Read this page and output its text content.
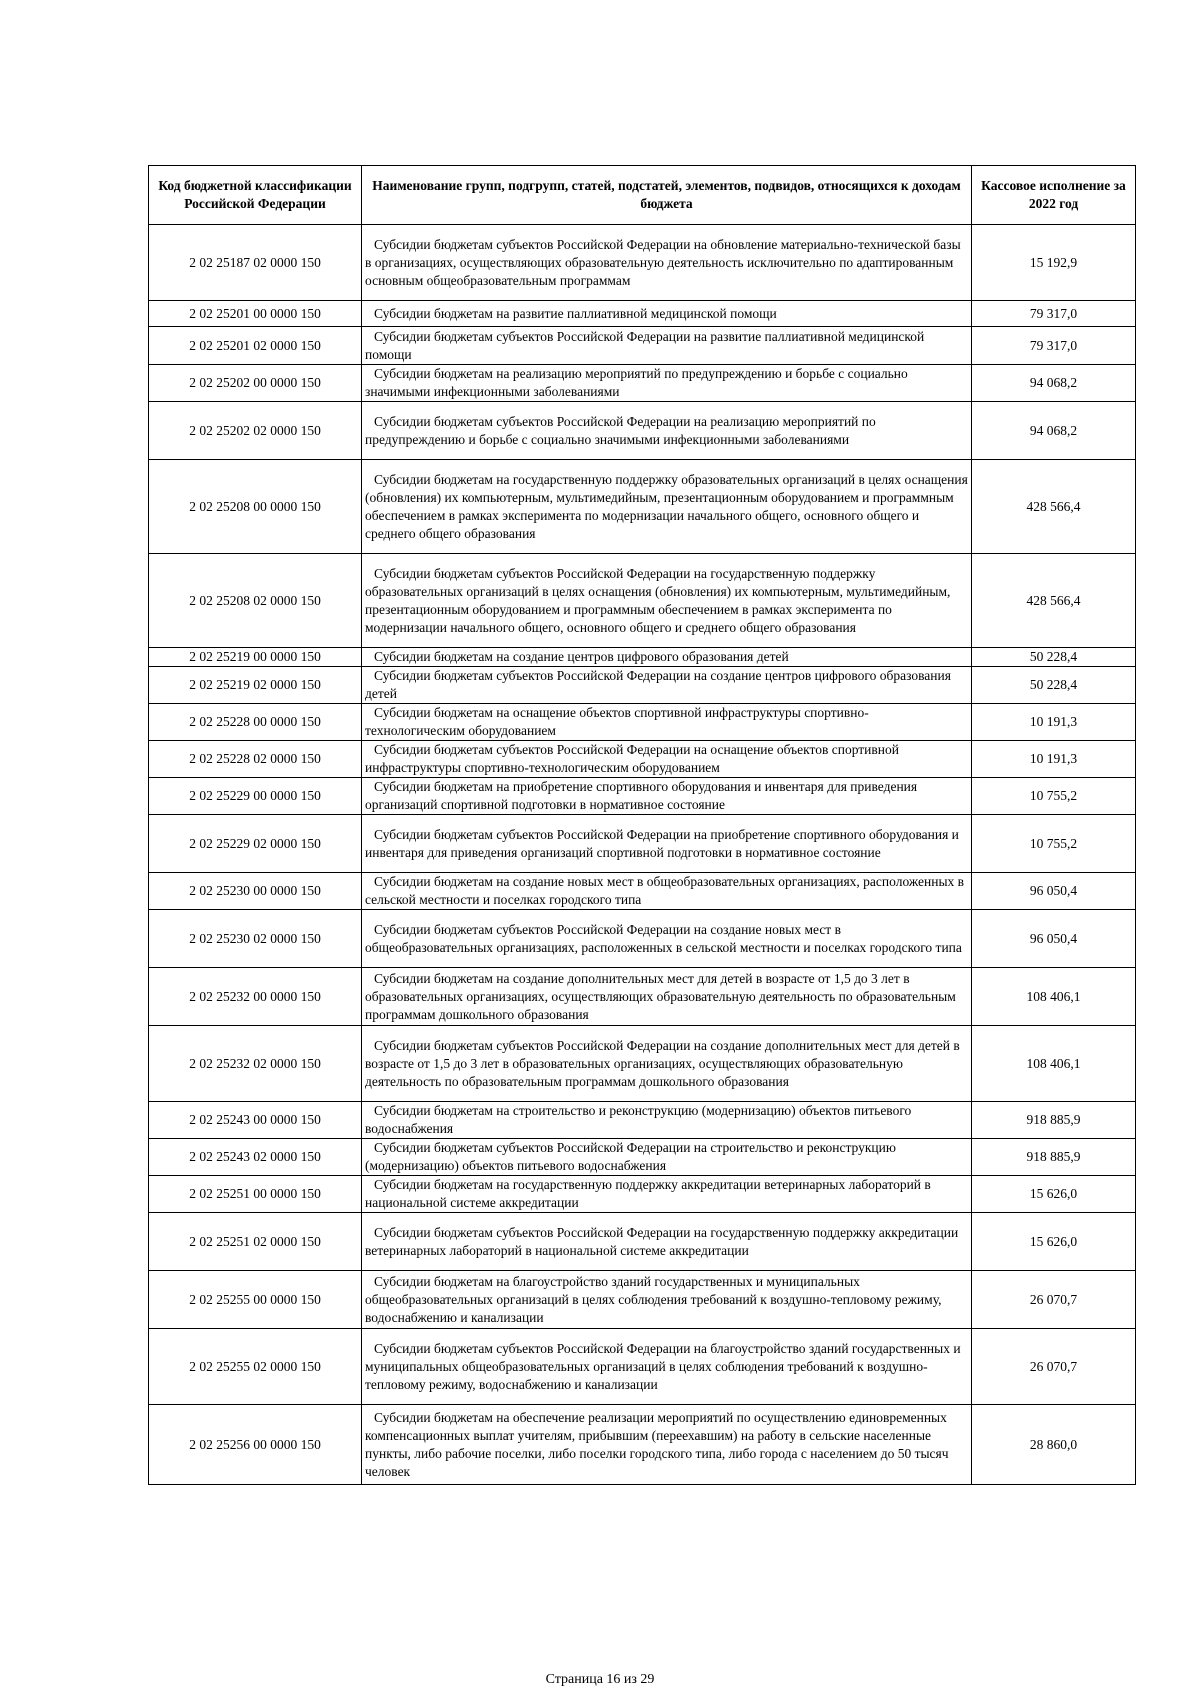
Код бюджетной классификации Российской Федерации	Наименование групп, подгрупп, статей, подстатей, элементов, подвидов, относящихся к доходам бюджета	Кассовое исполнение за 2022 год
2 02 25187 02 0000 150	Субсидии бюджетам субъектов Российской Федерации на обновление материально-технической базы в организациях, осуществляющих образовательную деятельность исключительно по адаптированным основным общеобразовательным программам	15 192,9
2 02 25201 00 0000 150	Субсидии бюджетам на развитие паллиативной медицинской помощи	79 317,0
2 02 25201 02 0000 150	Субсидии бюджетам субъектов Российской Федерации на развитие паллиативной медицинской помощи	79 317,0
2 02 25202 00 0000 150	Субсидии бюджетам на реализацию мероприятий по предупреждению и борьбе с социально значимыми инфекционными заболеваниями	94 068,2
2 02 25202 02 0000 150	Субсидии бюджетам субъектов Российской Федерации на реализацию мероприятий по предупреждению и борьбе с социально значимыми инфекционными заболеваниями	94 068,2
2 02 25208 00 0000 150	Субсидии бюджетам на государственную поддержку образовательных организаций в целях оснащения (обновления) их компьютерным, мультимедийным, презентационным оборудованием и программным обеспечением в рамках эксперимента по модернизации начального общего, основного общего и среднего общего образования	428 566,4
2 02 25208 02 0000 150	Субсидии бюджетам субъектов Российской Федерации на государственную поддержку образовательных организаций в целях оснащения (обновления) их компьютерным, мультимедийным, презентационным оборудованием и программным обеспечением в рамках эксперимента по модернизации начального общего, основного общего и среднего общего образования	428 566,4
2 02 25219 00 0000 150	Субсидии бюджетам на создание центров цифрового образования детей	50 228,4
2 02 25219 02 0000 150	Субсидии бюджетам субъектов Российской Федерации на создание центров цифрового образования детей	50 228,4
2 02 25228 00 0000 150	Субсидии бюджетам на оснащение объектов спортивной инфраструктуры спортивно-технологическим оборудованием	10 191,3
2 02 25228 02 0000 150	Субсидии бюджетам субъектов Российской Федерации на оснащение объектов спортивной инфраструктуры спортивно-технологическим оборудованием	10 191,3
2 02 25229 00 0000 150	Субсидии бюджетам на приобретение спортивного оборудования и инвентаря для приведения организаций спортивной подготовки в нормативное состояние	10 755,2
2 02 25229 02 0000 150	Субсидии бюджетам субъектов Российской Федерации на приобретение спортивного оборудования и инвентаря для приведения организаций спортивной подготовки в нормативное состояние	10 755,2
2 02 25230 00 0000 150	Субсидии бюджетам на создание новых мест в общеобразовательных организациях, расположенных в сельской местности и поселках городского типа	96 050,4
2 02 25230 02 0000 150	Субсидии бюджетам субъектов Российской Федерации на создание новых мест в общеобразовательных организациях, расположенных в сельской местности и поселках городского типа	96 050,4
2 02 25232 00 0000 150	Субсидии бюджетам на создание дополнительных мест для детей в возрасте от 1,5 до 3 лет в образовательных организациях, осуществляющих образовательную деятельность по образовательным программам дошкольного образования	108 406,1
2 02 25232 02 0000 150	Субсидии бюджетам субъектов Российской Федерации на создание дополнительных мест для детей в возрасте от 1,5 до 3 лет в образовательных организациях, осуществляющих образовательную деятельность по образовательным программам дошкольного образования	108 406,1
2 02 25243 00 0000 150	Субсидии бюджетам на строительство и реконструкцию (модернизацию) объектов питьевого водоснабжения	918 885,9
2 02 25243 02 0000 150	Субсидии бюджетам субъектов Российской Федерации на строительство и реконструкцию (модернизацию) объектов питьевого водоснабжения	918 885,9
2 02 25251 00 0000 150	Субсидии бюджетам на государственную поддержку аккредитации ветеринарных лабораторий в национальной системе аккредитации	15 626,0
2 02 25251 02 0000 150	Субсидии бюджетам субъектов Российской Федерации на государственную поддержку аккредитации ветеринарных лабораторий в национальной системе аккредитации	15 626,0
2 02 25255 00 0000 150	Субсидии бюджетам на благоустройство зданий государственных и муниципальных общеобразовательных организаций в целях соблюдения требований к воздушно-тепловому режиму, водоснабжению и канализации	26 070,7
2 02 25255 02 0000 150	Субсидии бюджетам субъектов Российской Федерации на благоустройство зданий государственных и муниципальных общеобразовательных организаций в целях соблюдения требований к воздушно-тепловому режиму, водоснабжению и канализации	26 070,7
2 02 25256 00 0000 150	Субсидии бюджетам на обеспечение реализации мероприятий по осуществлению единовременных компенсационных выплат учителям, прибывшим (переехавшим) на работу в сельские населенные пункты, либо рабочие поселки, либо поселки городского типа, либо города с населением до 50 тысяч человек	28 860,0
Страница 16 из 29
